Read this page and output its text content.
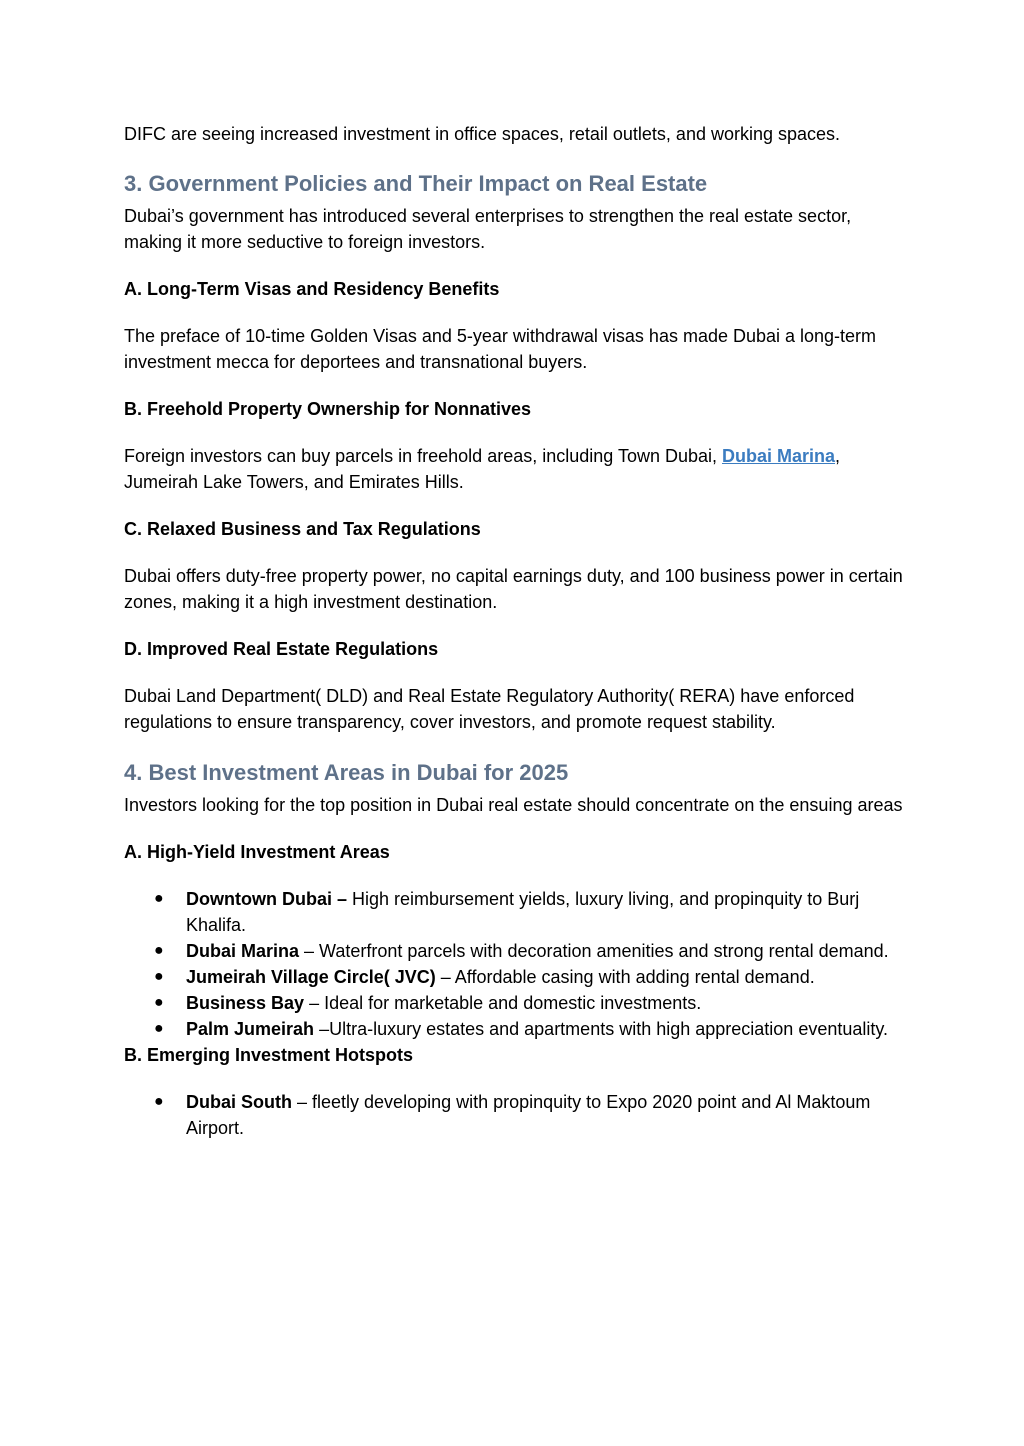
DIFC are seeing increased investment in office spaces, retail outlets, and working spaces.

3. Government Policies and Their Impact on Real Estate

Dubai’s government has introduced several enterprises to strengthen the real estate sector, making it more seductive to foreign investors.

A. Long-Term Visas and Residency Benefits

The preface of 10-time Golden Visas and 5-year withdrawal visas has made Dubai a long-term investment mecca for deportees and transnational buyers.

B. Freehold Property Ownership for Nonnatives

Foreign investors can buy parcels in freehold areas, including Town Dubai, Dubai Marina, Jumeirah Lake Towers, and Emirates Hills.

C. Relaxed Business and Tax Regulations

Dubai offers duty-free property power, no capital earnings duty, and 100 business power in certain zones, making it a high investment destination.

D. Improved Real Estate Regulations

Dubai Land Department( DLD) and Real Estate Regulatory Authority( RERA) have enforced regulations to ensure transparency, cover investors, and promote request stability.

4. Best Investment Areas in Dubai for 2025

Investors looking for the top position in Dubai real estate should concentrate on the ensuing areas

A. High-Yield Investment Areas
● Downtown Dubai – High reimbursement yields, luxury living, and propinquity to Burj Khalifa.
● Dubai Marina – Waterfront parcels with decoration amenities and strong rental demand.
● Jumeirah Village Circle( JVC) – Affordable casing with adding rental demand.
● Business Bay – Ideal for marketable and domestic investments.
● Palm Jumeirah –Ultra-luxury estates and apartments with high appreciation eventuality.
B. Emerging Investment Hotspots
● Dubai South – fleetly developing with propinquity to Expo 2020 point and Al Maktoum Airport.
